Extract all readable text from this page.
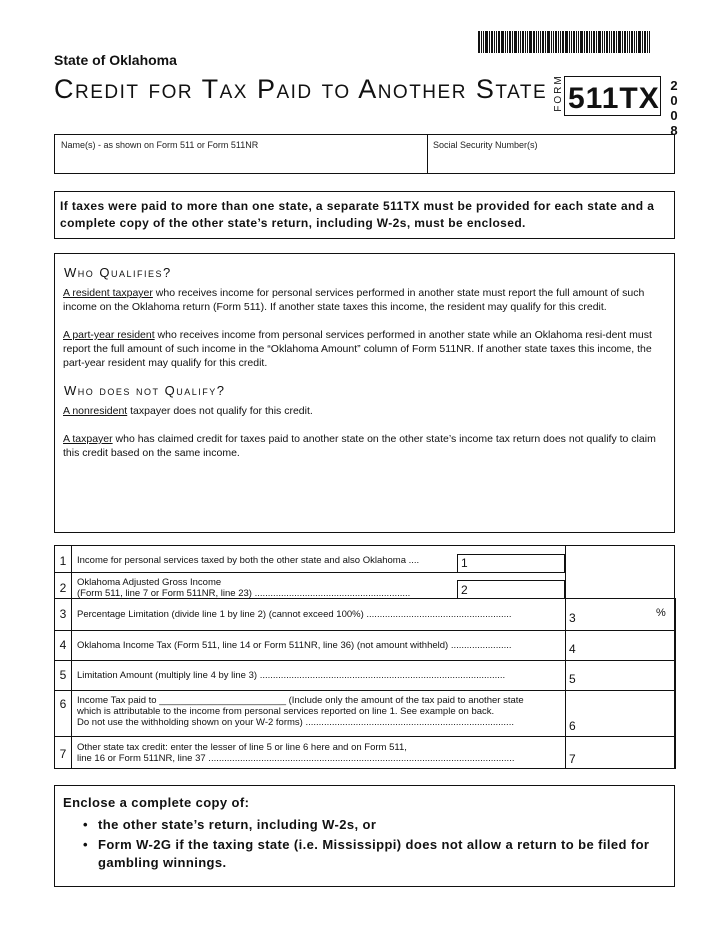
State of Oklahoma
Credit for Tax Paid to Another State FORM 511TX 2
0
0
8
Name(s) - as shown on Form 511 or Form 511NR	Social Security Number(s)
If taxes were paid to more than one state, a separate 511TX must be provided for each state and a complete copy of the other state’s return, including W-2s, must be enclosed.
Who Qualifies?

A resident taxpayer who receives income for personal services performed in another state must report the full amount of such income on the Oklahoma return (Form 511). If another state taxes this income, the resident may qualify for this credit.

A part-year resident who receives income from personal services performed in another state while an Oklahoma resi-dent must report the full amount of such income in the “Oklahoma Amount” column of Form 511NR. If another state taxes this income, the part-year resident may qualify for this credit.

Who does not Qualify?

A nonresident taxpayer does not qualify for this credit.

A taxpayer who has claimed credit for taxes paid to another state on the other state’s income tax return does not qualify to claim this credit based on the same income.

1	Income for personal services taxed by both the other state and also Oklahoma ....	1
2	Oklahoma Adjusted Gross Income
(Form 511, line 7 or Form 511NR, line 23) ...........................................................	2
3	Percentage Limitation (divide line 1 by line 2) (cannot exceed 100%) .......................................................	3	%
4	Oklahoma Income Tax (Form 511, line 14 or Form 511NR, line 36) (not amount withheld) .......................	4
5	Limitation Amount (multiply line 4 by line 3) .............................................................................................	5
6	Income Tax paid to ________________________ (Include only the amount of the tax paid to another state
which is attributable to the income from personal services reported on line 1. See example on back.
Do not use the withholding shown on your W-2 forms) ...............................................................................	6
7	Other state tax credit: enter the lesser of line 5 or line 6 here and on Form 511,
line 16 or Form 511NR, line 37 ....................................................................................................................	7
Enclose a complete copy of:
• the other state’s return, including W-2s, or
• Form W-2G if the taxing state (i.e. Mississippi) does not allow a return to be filed for gambling winnings.
